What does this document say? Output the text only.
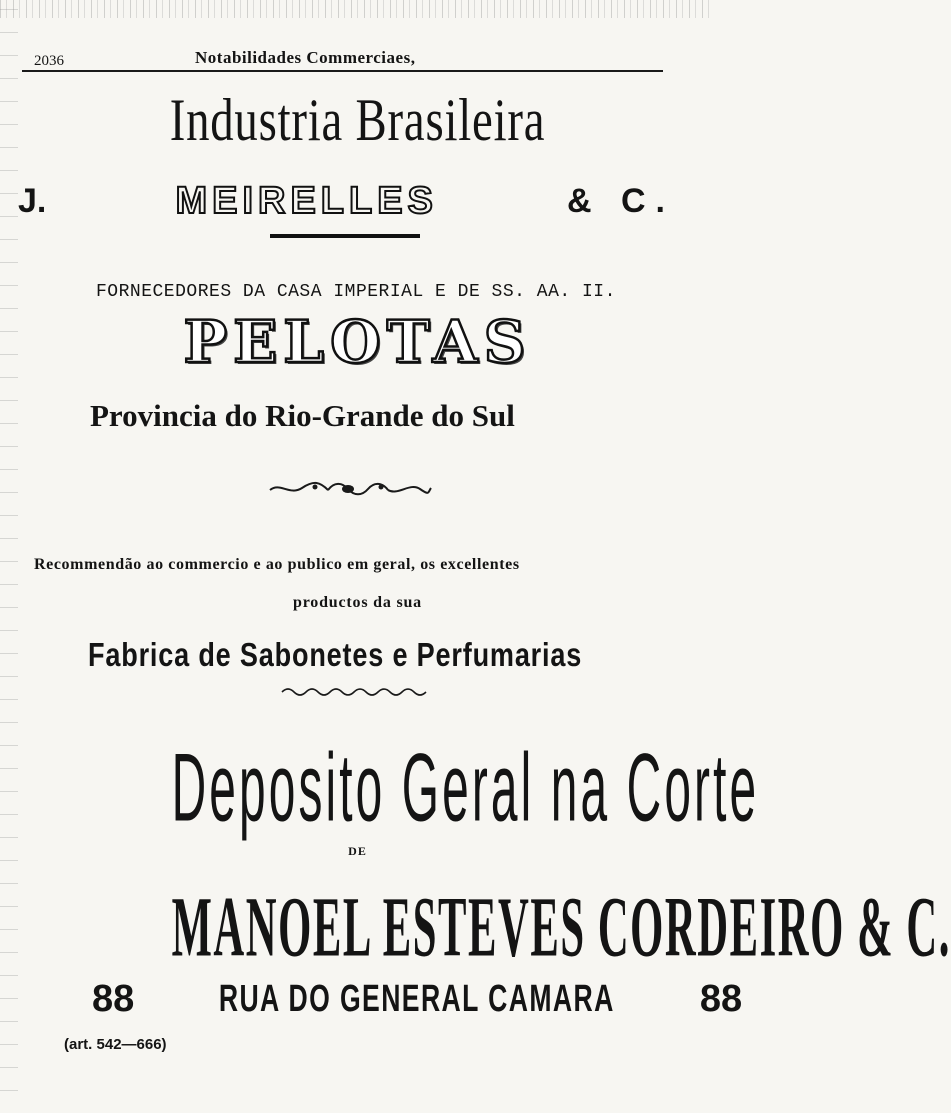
2036	Notabilidades Commerciaes,
Industria Brasileira
J.	MEIRELLES	& C.
FORNECEDORES DA CASA IMPERIAL E DE SS. AA. II.
PELOTAS
Provincia do Rio-Grande do Sul
Recommendão ao commercio e ao publico em geral, os excellentes
productos da sua
Fabrica de Sabonetes e Perfumarias
Deposito Geral na Corte
DE
MANOEL ESTEVES CORDEIRO & C.
88 RUA DO GENERAL CAMARA 88
(art. 542—666)
